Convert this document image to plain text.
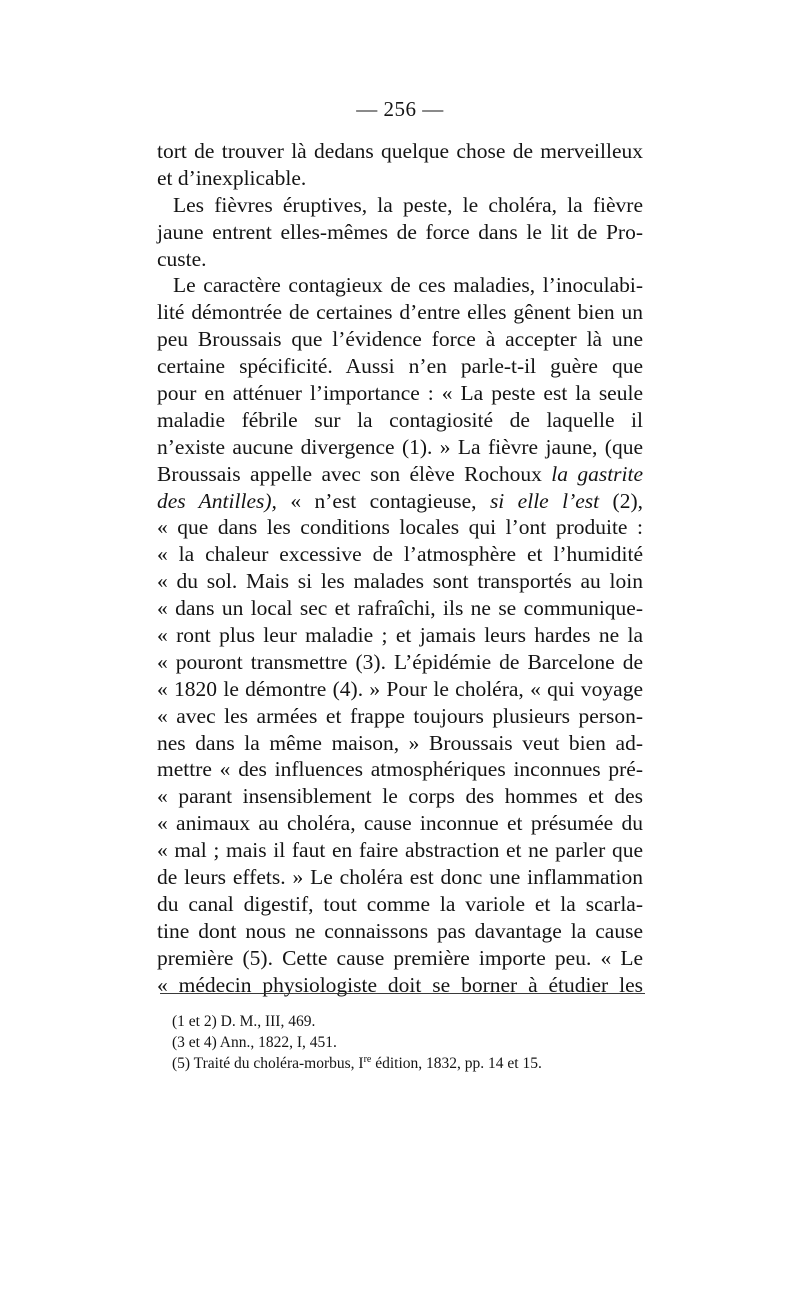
— 256 —
tort de trouver là dedans quelque chose de merveilleux
et d’inexplicable.
Les fièvres éruptives, la peste, le choléra, la fièvre
jaune entrent elles-mêmes de force dans le lit de Pro-
custe.
Le caractère contagieux de ces maladies, l’inoculabi-
lité démontrée de certaines d’entre elles gênent bien un
peu Broussais que l’évidence force à accepter là une
certaine spécificité. Aussi n’en parle-t-il guère que
pour en atténuer l’importance : « La peste est la seule
maladie fébrile sur la contagiosité de laquelle il
n’existe aucune divergence (1). » La fièvre jaune, (que
Broussais appelle avec son élève Rochoux la gastrite
des Antilles), « n’est contagieuse, si elle l’est (2),
« que dans les conditions locales qui l’ont produite :
« la chaleur excessive de l’atmosphère et l’humidité
« du sol. Mais si les malades sont transportés au loin
« dans un local sec et rafraîchi, ils ne se communique-
« ront plus leur maladie ; et jamais leurs hardes ne la
« pouront transmettre (3). L’épidémie de Barcelone de
« 1820 le démontre (4). » Pour le choléra, « qui voyage
« avec les armées et frappe toujours plusieurs person-
nes dans la même maison, » Broussais veut bien ad-
mettre « des influences atmosphériques inconnues pré-
« parant insensiblement le corps des hommes et des
« animaux au choléra, cause inconnue et présumée du
« mal ; mais il faut en faire abstraction et ne parler que
de leurs effets. » Le choléra est donc une inflammation
du canal digestif, tout comme la variole et la scarla-
tine dont nous ne connaissons pas davantage la cause
première (5). Cette cause première importe peu. « Le
« médecin physiologiste doit se borner à étudier les
(1 et 2) D. M., III, 469.
(3 et 4) Ann., 1822, I, 451.
(5) Traité du choléra-morbus, Ire édition, 1832, pp. 14 et 15.
